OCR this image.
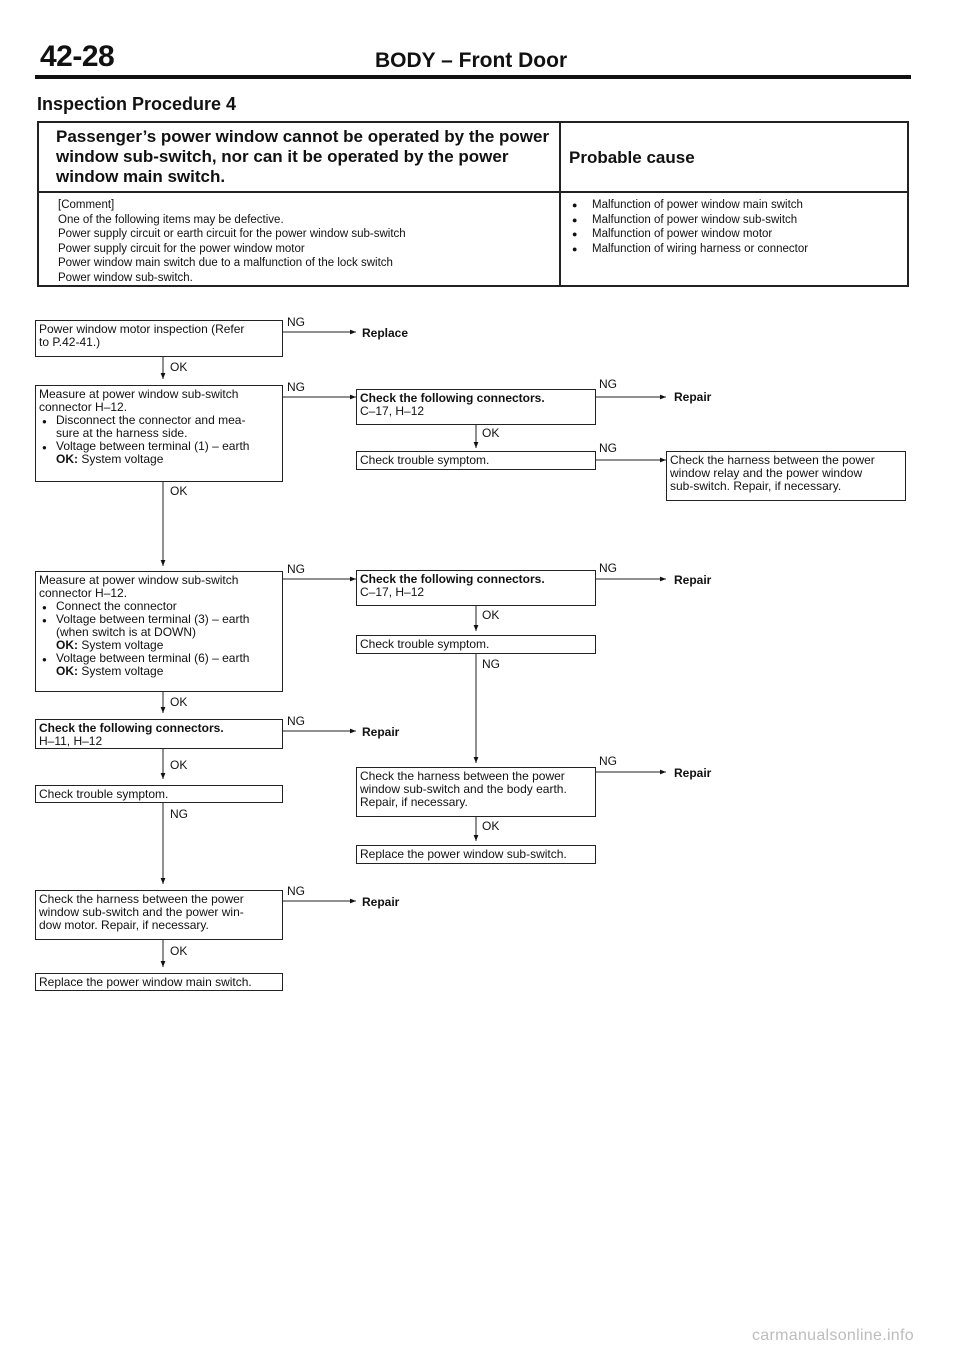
42-28	BODY – Front Door
Inspection Procedure 4
Passenger’s power window cannot be operated by the power window sub-switch, nor can it be operated by the power window main switch.
Probable cause
[Comment]
One of the following items may be defective.
Power supply circuit or earth circuit for the power window sub-switch
Power supply circuit for the power window motor
Power window main switch due to a malfunction of the lock switch
Power window sub-switch.
● Malfunction of power window main switch
● Malfunction of power window sub-switch
● Malfunction of power window motor
● Malfunction of wiring harness or connector
Power window motor inspection (Refer
to P.42-41.)
Measure at power window sub-switch
connector H–12.
● Disconnect the connector and mea-
sure at the harness side.
● Voltage between terminal (1) – earth
OK: System voltage
Measure at power window sub-switch
connector H–12.
● Connect the connector
● Voltage between terminal (3) – earth
(when switch is at DOWN)
OK: System voltage
● Voltage between terminal (6) – earth
OK: System voltage
Check the following connectors.
H–11, H–12
Check trouble symptom.
Check the harness between the power
window sub-switch and the power win-
dow motor. Repair, if necessary.
Replace the power window main switch.
Check the following connectors.
C–17, H–12
Check trouble symptom.	Check the harness between the power
window relay and the power window
sub-switch. Repair, if necessary.
Check the following connectors.
C–17, H–12
Check trouble symptom.
Check the harness between the power
window sub-switch and the body earth.
Repair, if necessary.
Replace the power window sub-switch.
OK
OK
OK
OK
OK
OK
OK
OK
NG
NG
NG
NG
NG
NG
NG
NG
NG
NG
NG
Replace
Repair
Repair
Repair
Repair
Repair
carmanualsonline.info
